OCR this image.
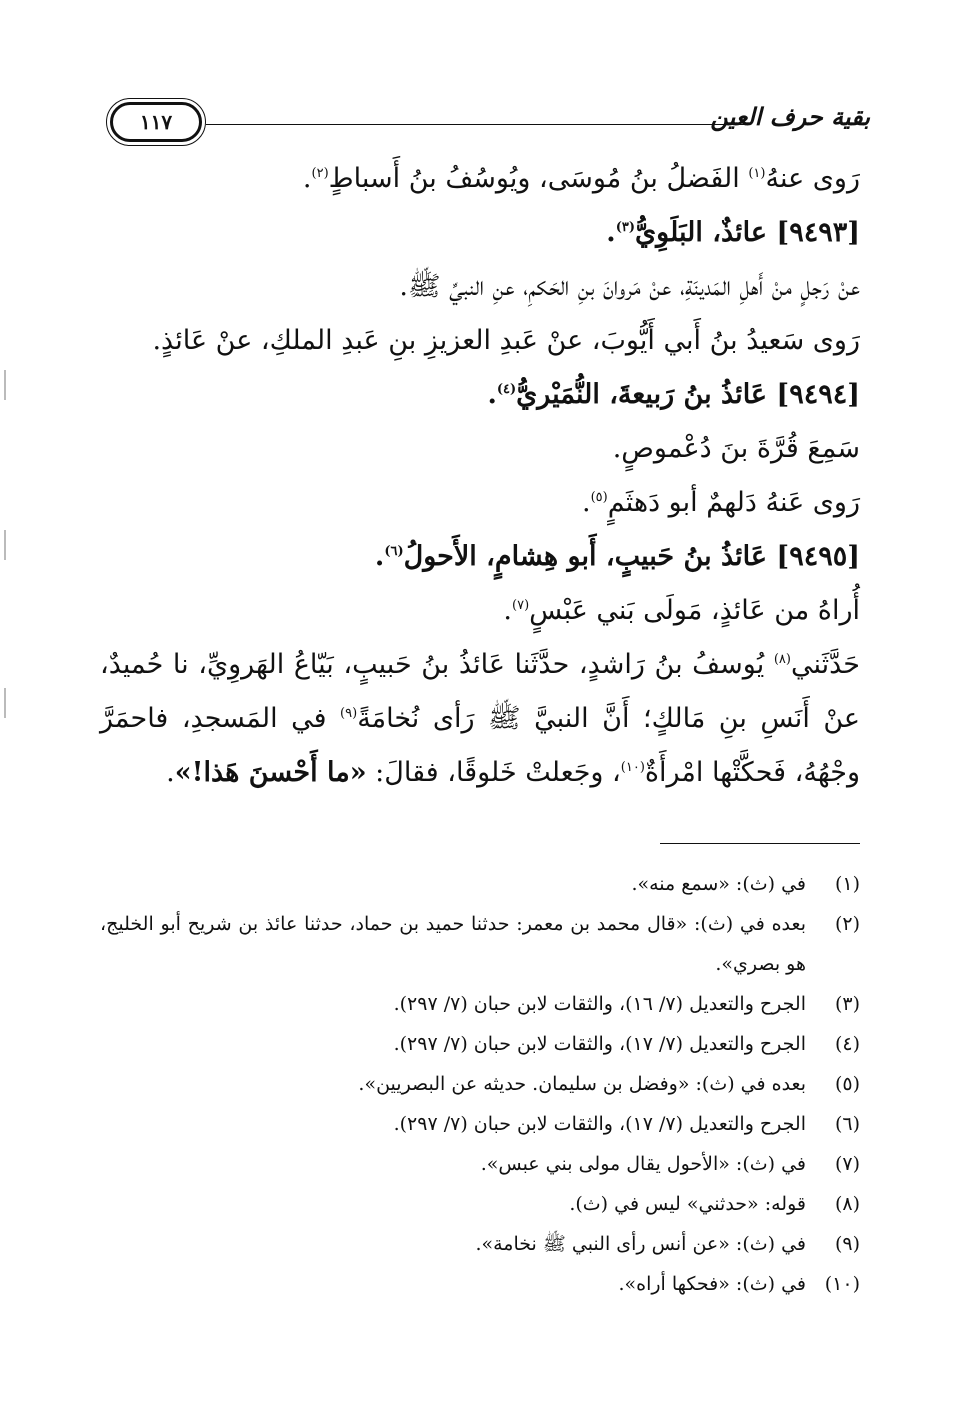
١١٧	بقية حرف العين
رَوى عنهُ$^{(١)}$ الفَضلُ بنُ مُوسَى، ويُوسُفُ بنُ أَسباطٍ$^{(٢)}$.
[٩٤٩٣] عائذٌ، البَلَوِيُّ$^{(٣)}$.
عنْ رَجلٍ منْ أَهلِ المَدينَةِ، عنْ مَروانَ بنِ الحَكمِ، عنِ النبيِّ ﷺ.
رَوى سَعيدُ بنُ أَبي أَيُّوبَ، عنْ عَبدِ العزيزِ بنِ عَبدِ الملكِ، عنْ عَائذٍ.
[٩٤٩٤] عَائذُ بنُ رَبيعةَ، النُّمَيْريُّ$^{(٤)}$.
سَمِعَ قُرَّةَ بنَ دُعْموصٍ.
رَوى عَنهُ دَلهمٌ أبو دَهثَمٍ$^{(٥)}$.
[٩٤٩٥] عَائذُ بنُ حَبيبٍ، أَبو هِشامٍ، الأَحولُ$^{(٦)}$.
أُراهُ من عَائذٍ، مَولَى بَني عَبْسٍ$^{(٧)}$.
حَدَّثَني$^{(٨)}$ يُوسفُ بنُ رَاشدٍ، حدَّثَنا عَائذُ بنُ حَبيبٍ، بَيّاعُ الهَروِيِّ، نا حُميدٌ، عنْ أَنَسِ بنِ مَالكٍ؛ أَنَّ النبيَّ ﷺ رَأى نُخامَةً$^{(٩)}$ في المَسجدِ، فاحمَرَّ وجْهُهُ، فَحكَّتْها امْرأَةٌ$^{(١٠)}$، وجَعلتْ خَلوقًا، فقالَ: «ما أَحْسنَ هَذا!».
(١)
في (ث): «سمع منه».
(٢)
بعده في (ث): «قال محمد بن معمر: حدثنا حميد بن حماد، حدثنا عائذ بن شريح أبو الخليج، هو بصري».
(٣)
الجرح والتعديل (٧/ ١٦)، والثقات لابن حبان (٧/ ٢٩٧).
(٤)
الجرح والتعديل (٧/ ١٧)، والثقات لابن حبان (٧/ ٢٩٧).
(٥)
بعده في (ث): «وفضل بن سليمان. حديثه عن البصريين».
(٦)
الجرح والتعديل (٧/ ١٧)، والثقات لابن حبان (٧/ ٢٩٧).
(٧)
في (ث): «الأحول يقال مولى بني عبس».
(٨)
قوله: «حدثني» ليس في (ث).
(٩)
في (ث): «عن أنس رأى النبي ﷺ نخامة».
(١٠)
في (ث): «فحكها أراه».
